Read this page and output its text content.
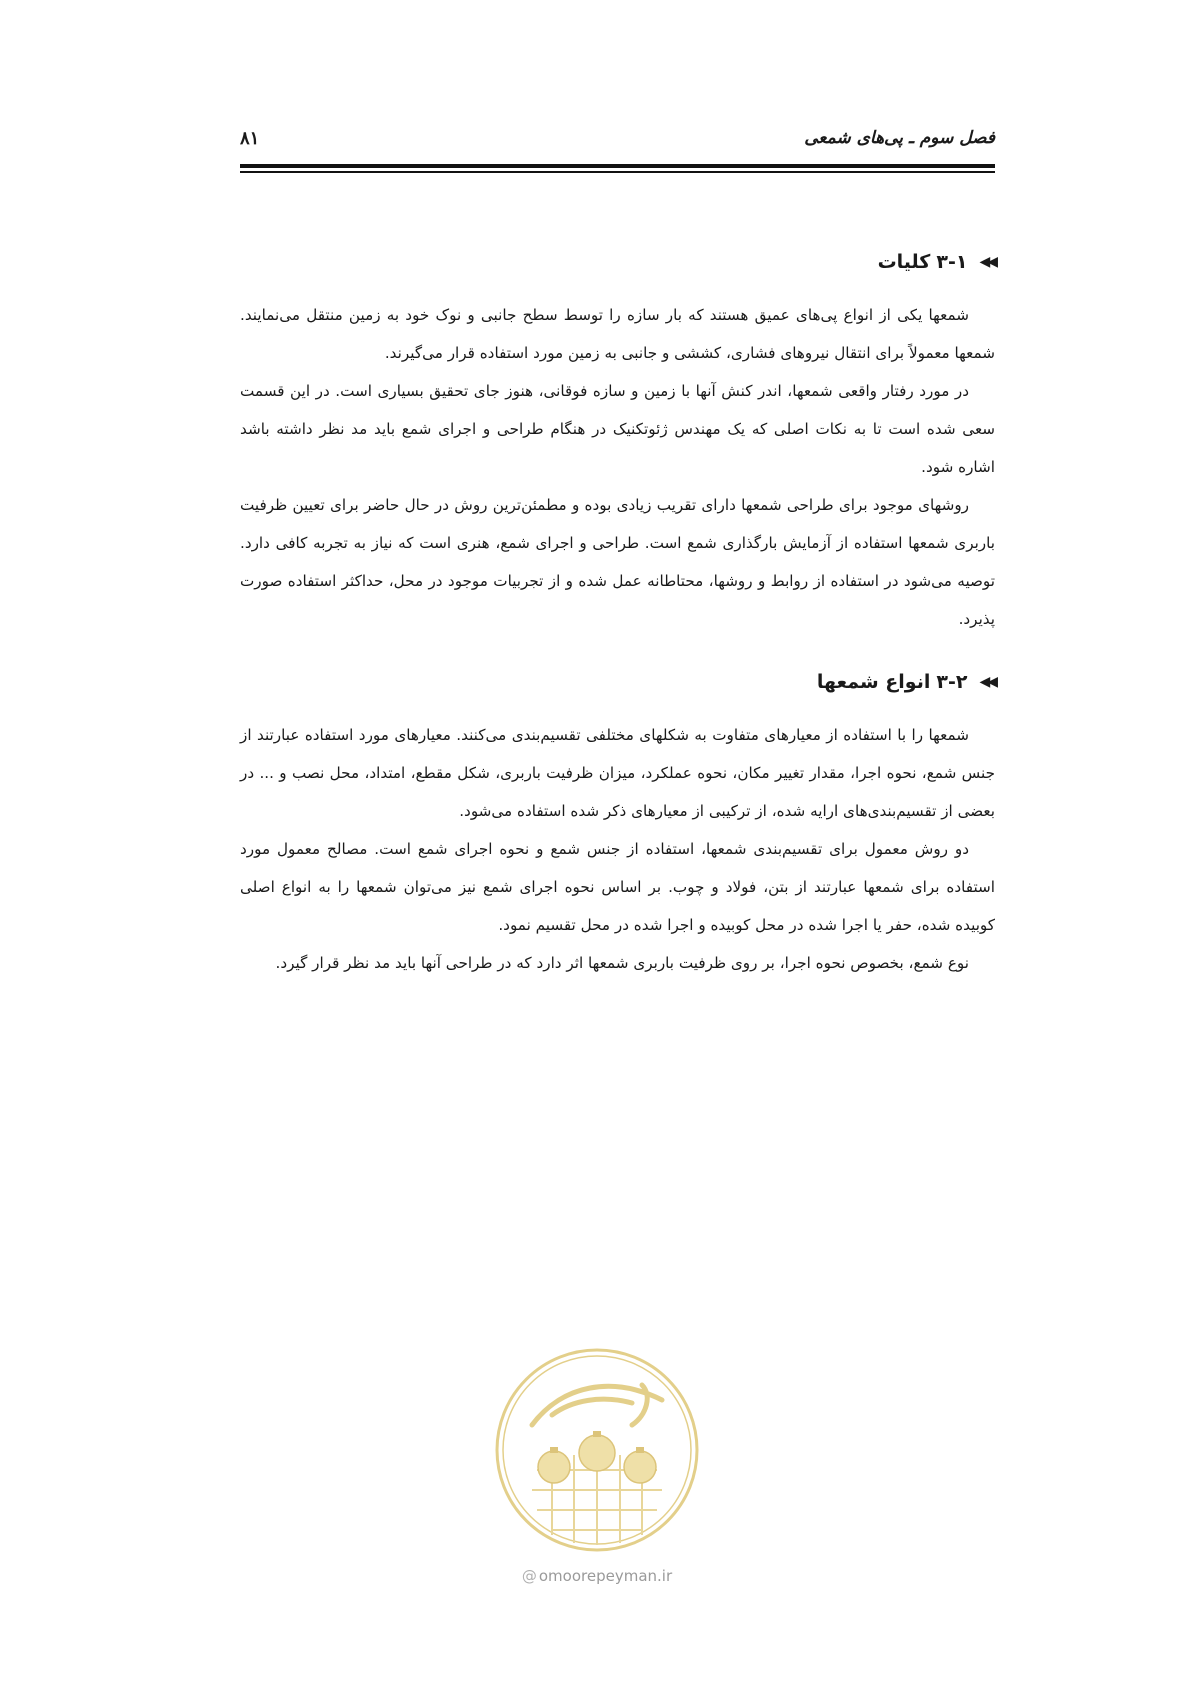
فصل سوم ـ پی‌های شمعی
۸۱
◀◀
۳-۱
کلیات

شمعها یکی از انواع پی‌های عمیق هستند که بار سازه را توسط سطح جانبی و نوک خود به زمین منتقل می‌نمایند. شمعها معمولاً برای انتقال نیروهای فشاری، کششی و جانبی به زمین مورد استفاده قرار می‌گیرند.

در مورد رفتار واقعی شمعها، اندر کنش آنها با زمین و سازه فوقانی، هنوز جای تحقیق بسیاری است. در این قسمت سعی شده است تا به نکات اصلی که یک مهندس ژئوتکنیک در هنگام طراحی و اجرای شمع باید مد نظر داشته باشد اشاره شود.

روشهای موجود برای طراحی شمعها دارای تقریب زیادی بوده و مطمئن‌ترین روش در حال حاضر برای تعیین ظرفیت باربری شمعها استفاده از آزمایش بارگذاری شمع است. طراحی و اجرای شمع، هنری است که نیاز به تجربه کافی دارد. توصیه می‌شود در استفاده از روابط و روشها، محتاطانه عمل شده و از تجربیات موجود در محل، حداکثر استفاده صورت پذیرد.

◀◀
۳-۲
انواع شمعها

شمعها را با استفاده از معیارهای متفاوت به شکلهای مختلفی تقسیم‌بندی می‌کنند. معیارهای مورد استفاده عبارتند از جنس شمع، نحوه اجرا، مقدار تغییر مکان، نحوه عملکرد، میزان ظرفیت باربری، شکل مقطع، امتداد، محل نصب و ... در بعضی از تقسیم‌بندی‌های ارایه شده، از ترکیبی از معیارهای ذکر شده استفاده می‌شود.

دو روش معمول برای تقسیم‌بندی شمعها، استفاده از جنس شمع و نحوه اجرای شمع است. مصالح معمول مورد استفاده برای شمعها عبارتند از بتن، فولاد و چوب. بر اساس نحوه اجرای شمع نیز می‌توان شمعها را به انواع اصلی کوبیده شده، حفر یا اجرا شده در محل کوبیده و اجرا شده در محل تقسیم نمود.

نوع شمع، بخصوص نحوه اجرا، بر روی ظرفیت باربری شمعها اثر دارد که در طراحی آنها باید مد نظر قرار گیرد.

@ omoorepeyman.ir
